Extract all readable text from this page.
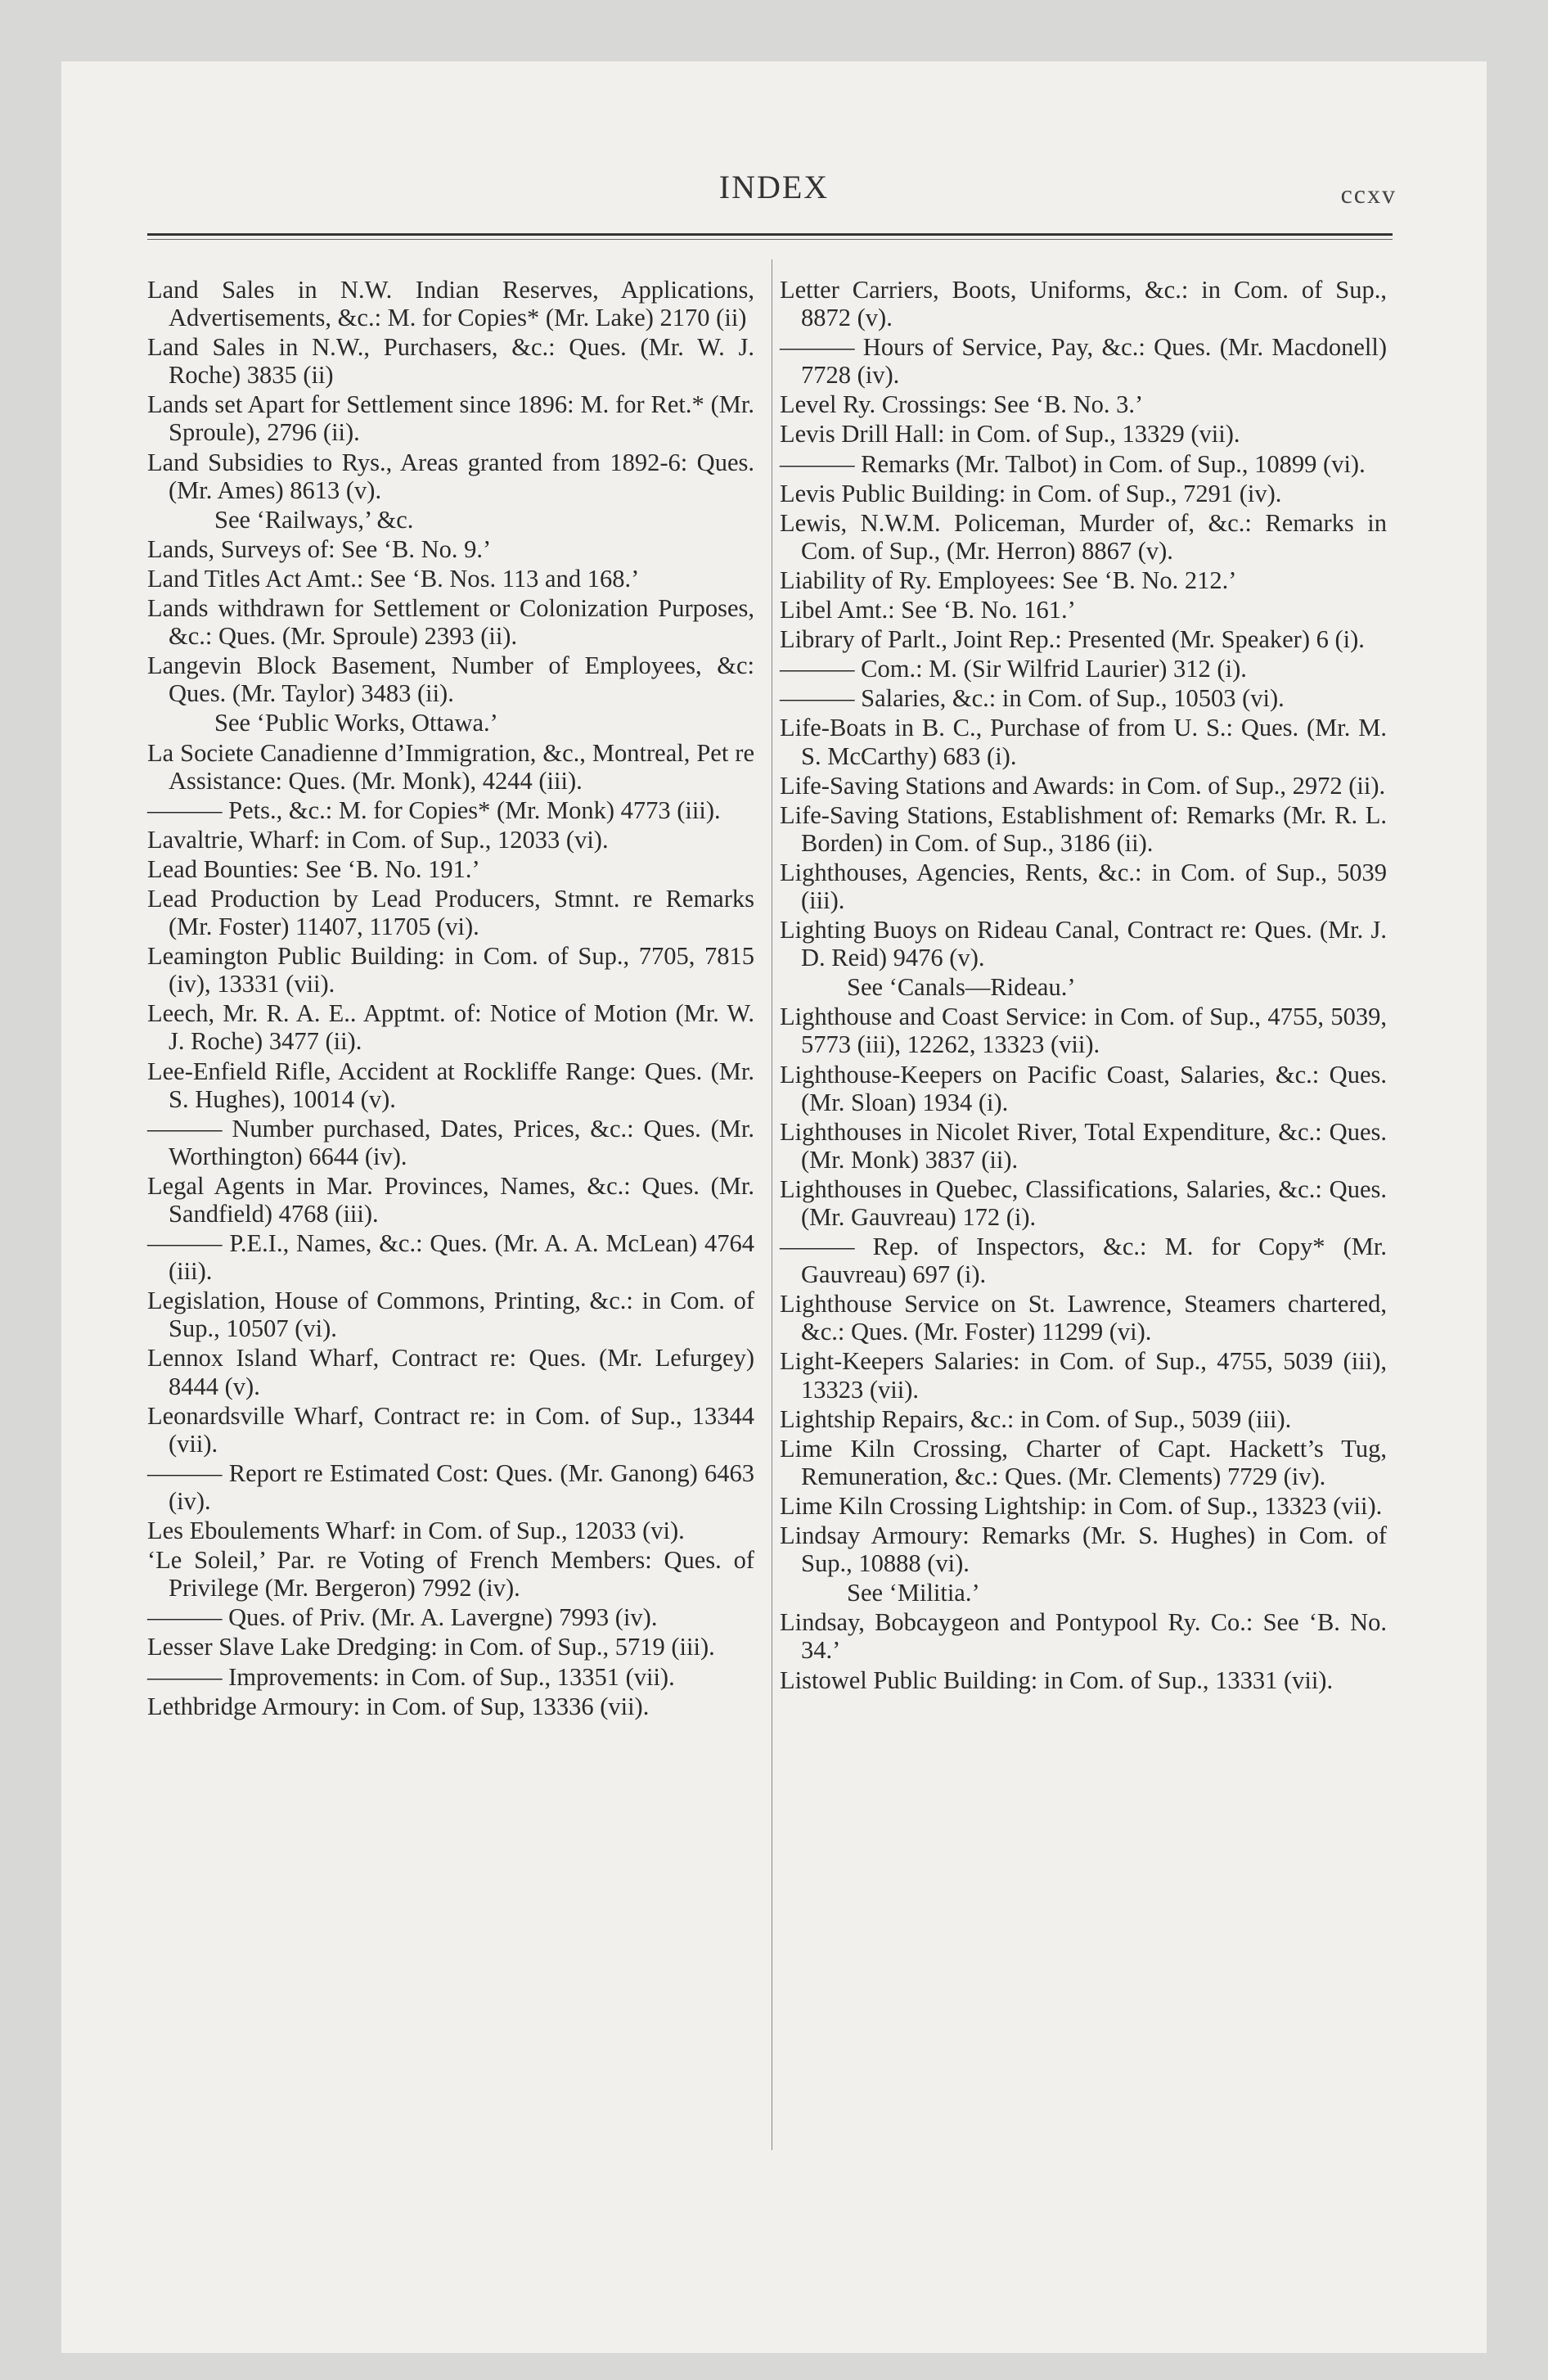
INDEX	ccxv
Land Sales in N.W. Indian Reserves, Applications, Advertisements, &c.: M. for Copies* (Mr. Lake) 2170 (ii)
Land Sales in N.W., Purchasers, &c.: Ques. (Mr. W. J. Roche) 3835 (ii)
Lands set Apart for Settlement since 1896: M. for Ret.* (Mr. Sproule), 2796 (ii).
Land Subsidies to Rys., Areas granted from 1892-6: Ques. (Mr. Ames) 8613 (v).
See ‘Railways,’ &c.
Lands, Surveys of: See ‘B. No. 9.’
Land Titles Act Amt.: See ‘B. Nos. 113 and 168.’
Lands withdrawn for Settlement or Colonization Purposes, &c.: Ques. (Mr. Sproule) 2393 (ii).
Langevin Block Basement, Number of Employees, &c: Ques. (Mr. Taylor) 3483 (ii).
See ‘Public Works, Ottawa.’
La Societe Canadienne d’Immigration, &c., Montreal, Pet re Assistance: Ques. (Mr. Monk), 4244 (iii).
——— Pets., &c.: M. for Copies* (Mr. Monk) 4773 (iii).
Lavaltrie, Wharf: in Com. of Sup., 12033 (vi).
Lead Bounties: See ‘B. No. 191.’
Lead Production by Lead Producers, Stmnt. re Remarks (Mr. Foster) 11407, 11705 (vi).
Leamington Public Building: in Com. of Sup., 7705, 7815 (iv), 13331 (vii).
Leech, Mr. R. A. E.. Apptmt. of: Notice of Motion (Mr. W. J. Roche) 3477 (ii).
Lee-Enfield Rifle, Accident at Rockliffe Range: Ques. (Mr. S. Hughes), 10014 (v).
——— Number purchased, Dates, Prices, &c.: Ques. (Mr. Worthington) 6644 (iv).
Legal Agents in Mar. Provinces, Names, &c.: Ques. (Mr. Sandfield) 4768 (iii).
——— P.E.I., Names, &c.: Ques. (Mr. A. A. McLean) 4764 (iii).
Legislation, House of Commons, Printing, &c.: in Com. of Sup., 10507 (vi).
Lennox Island Wharf, Contract re: Ques. (Mr. Lefurgey) 8444 (v).
Leonardsville Wharf, Contract re: in Com. of Sup., 13344 (vii).
——— Report re Estimated Cost: Ques. (Mr. Ganong) 6463 (iv).
Les Eboulements Wharf: in Com. of Sup., 12033 (vi).
‘Le Soleil,’ Par. re Voting of French Members: Ques. of Privilege (Mr. Bergeron) 7992 (iv).
——— Ques. of Priv. (Mr. A. Lavergne) 7993 (iv).
Lesser Slave Lake Dredging: in Com. of Sup., 5719 (iii).
——— Improvements: in Com. of Sup., 13351 (vii).
Lethbridge Armoury: in Com. of Sup, 13336 (vii).
Letter Carriers, Boots, Uniforms, &c.: in Com. of Sup., 8872 (v).
——— Hours of Service, Pay, &c.: Ques. (Mr. Macdonell) 7728 (iv).
Level Ry. Crossings: See ‘B. No. 3.’
Levis Drill Hall: in Com. of Sup., 13329 (vii).
——— Remarks (Mr. Talbot) in Com. of Sup., 10899 (vi).
Levis Public Building: in Com. of Sup., 7291 (iv).
Lewis, N.W.M. Policeman, Murder of, &c.: Remarks in Com. of Sup., (Mr. Herron) 8867 (v).
Liability of Ry. Employees: See ‘B. No. 212.’
Libel Amt.: See ‘B. No. 161.’
Library of Parlt., Joint Rep.: Presented (Mr. Speaker) 6 (i).
——— Com.: M. (Sir Wilfrid Laurier) 312 (i).
——— Salaries, &c.: in Com. of Sup., 10503 (vi).
Life-Boats in B. C., Purchase of from U. S.: Ques. (Mr. M. S. McCarthy) 683 (i).
Life-Saving Stations and Awards: in Com. of Sup., 2972 (ii).
Life-Saving Stations, Establishment of: Remarks (Mr. R. L. Borden) in Com. of Sup., 3186 (ii).
Lighthouses, Agencies, Rents, &c.: in Com. of Sup., 5039 (iii).
Lighting Buoys on Rideau Canal, Contract re: Ques. (Mr. J. D. Reid) 9476 (v).
See ‘Canals—Rideau.’
Lighthouse and Coast Service: in Com. of Sup., 4755, 5039, 5773 (iii), 12262, 13323 (vii).
Lighthouse-Keepers on Pacific Coast, Salaries, &c.: Ques. (Mr. Sloan) 1934 (i).
Lighthouses in Nicolet River, Total Expenditure, &c.: Ques. (Mr. Monk) 3837 (ii).
Lighthouses in Quebec, Classifications, Salaries, &c.: Ques. (Mr. Gauvreau) 172 (i).
——— Rep. of Inspectors, &c.: M. for Copy* (Mr. Gauvreau) 697 (i).
Lighthouse Service on St. Lawrence, Steamers chartered, &c.: Ques. (Mr. Foster) 11299 (vi).
Light-Keepers Salaries: in Com. of Sup., 4755, 5039 (iii), 13323 (vii).
Lightship Repairs, &c.: in Com. of Sup., 5039 (iii).
Lime Kiln Crossing, Charter of Capt. Hackett’s Tug, Remuneration, &c.: Ques. (Mr. Clements) 7729 (iv).
Lime Kiln Crossing Lightship: in Com. of Sup., 13323 (vii).
Lindsay Armoury: Remarks (Mr. S. Hughes) in Com. of Sup., 10888 (vi).
See ‘Militia.’
Lindsay, Bobcaygeon and Pontypool Ry. Co.: See ‘B. No. 34.’
Listowel Public Building: in Com. of Sup., 13331 (vii).
